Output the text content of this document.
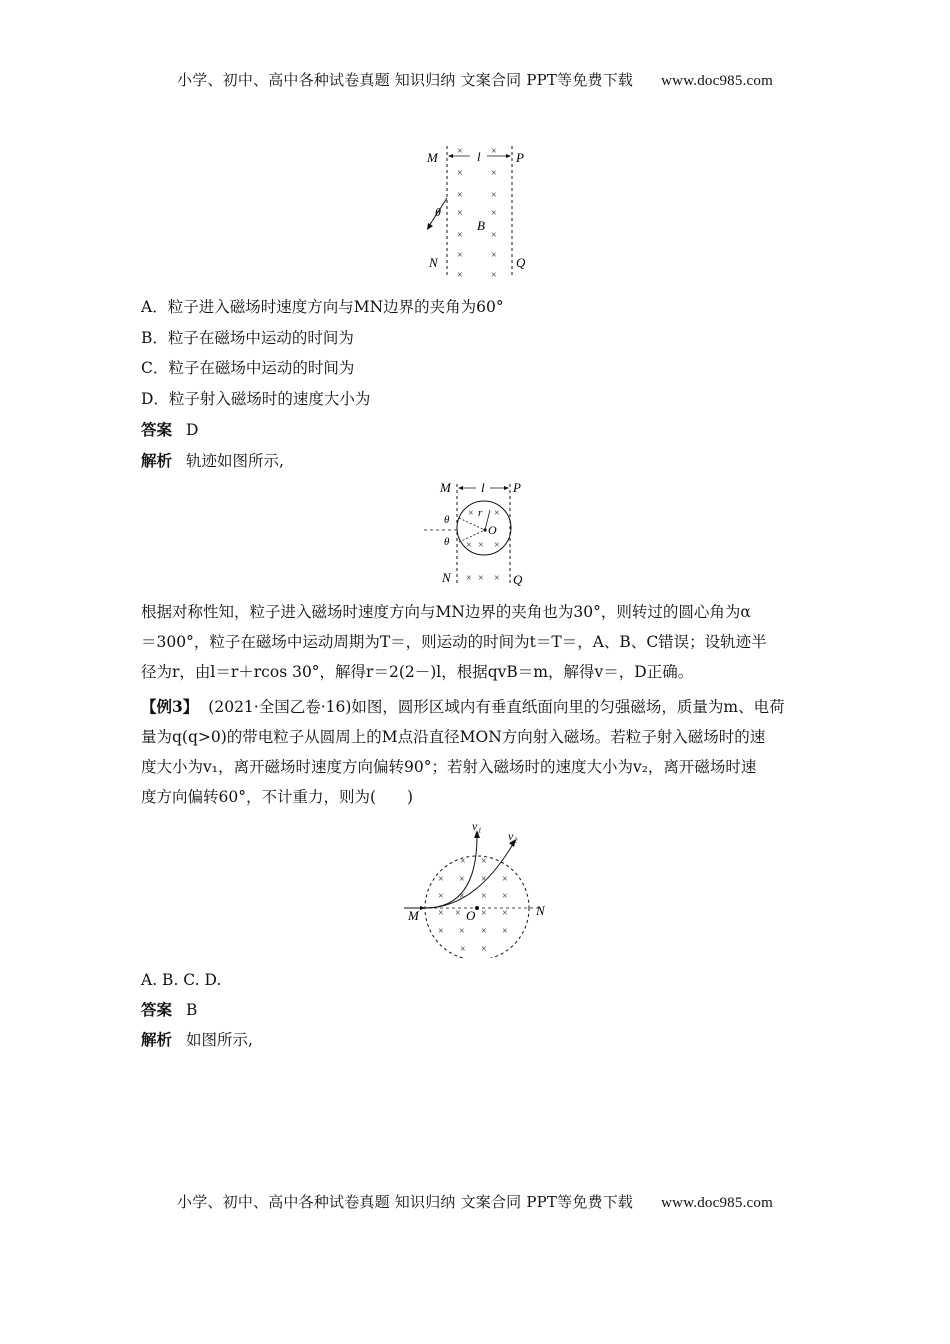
小学、初中、高中各种试卷真题 知识归纳 文案合同 PPT等免费下载 www.doc985.com
M	P
N	Q
l
B
×	×
×	×
×	×
×	×
×	×
×	×
×	×
θ
A．粒子进入磁场时速度方向与MN边界的夹角为60°
B．粒子在磁场中运动的时间为
C．粒子在磁场中运动的时间为
D．粒子射入磁场时的速度大小为
答案 D
解析 轨迹如图所示,
M	P
N	Q
l
O
r
θ
θ
× ×
× × ×
× × ×
根据对称性知，粒子进入磁场时速度方向与MN边界的夹角也为30°，则转过的圆心角为α
＝300°，粒子在磁场中运动周期为T＝，则运动的时间为t＝T＝，A、B、C错误；设轨迹半
径为r，由l＝r＋rcos 30°，解得r＝2(2－)l，根据qvB＝m，解得v＝，D正确。
【例3】 (2021·全国乙卷·16)如图，圆形区域内有垂直纸面向里的匀强磁场，质量为m、电荷
量为q(q>0)的带电粒子从圆周上的M点沿直径MON方向射入磁场。若粒子射入磁场时的速
度大小为v₁，离开磁场时速度方向偏转90°；若射入磁场时的速度大小为v₂，离开磁场时速
度方向偏转60°，不计重力，则为(　　)
O
M	N
v₁
v₂
× ×
× × × ×
× × × ×
× × × ×
× × × ×
× ×
A. B. C. D.
答案 B
解析 如图所示,
小学、初中、高中各种试卷真题 知识归纳 文案合同 PPT等免费下载 www.doc985.com
